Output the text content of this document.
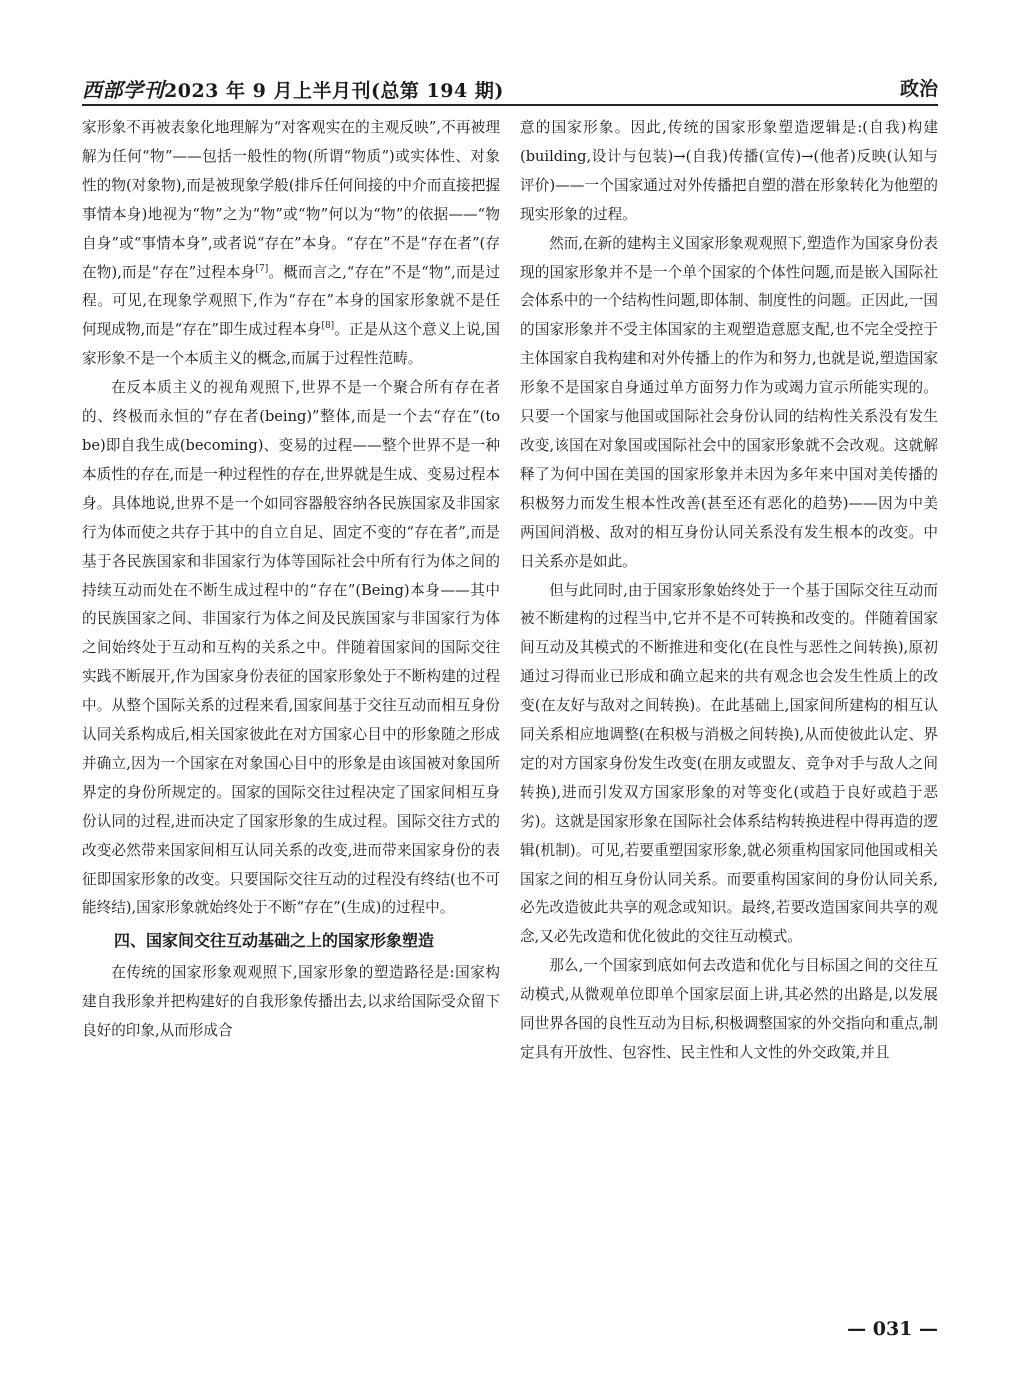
西部学刊2023 年 9 月上半月刊(总第 194 期)	政治

家形象不再被表象化地理解为“对客观实在的主观反映”,不再被理解为任何“物”——包括一般性的物(所谓“物质”)或实体性、对象性的物(对象物),而是被现象学般(排斥任何间接的中介而直接把握事情本身)地视为“物”之为“物”或“物”何以为“物”的依据——“物自身”或“事情本身”,或者说“存在”本身。“存在”不是“存在者”(存在物),而是“存在”过程本身[7]。概而言之,“存在”不是“物”,而是过程。可见,在现象学观照下,作为“存在”本身的国家形象就不是任何现成物,而是“存在”即生成过程本身[8]。正是从这个意义上说,国家形象不是一个本质主义的概念,而属于过程性范畴。

在反本质主义的视角观照下,世界不是一个聚合所有存在者的、终极而永恒的“存在者(being)”整体,而是一个去“存在”(to be)即自我生成(becoming)、变易的过程——整个世界不是一种本质性的存在,而是一种过程性的存在,世界就是生成、变易过程本身。具体地说,世界不是一个如同容器般容纳各民族国家及非国家行为体而使之共存于其中的自立自足、固定不变的“存在者”,而是基于各民族国家和非国家行为体等国际社会中所有行为体之间的持续互动而处在不断生成过程中的“存在”(Being)本身——其中的民族国家之间、非国家行为体之间及民族国家与非国家行为体之间始终处于互动和互构的关系之中。伴随着国家间的国际交往实践不断展开,作为国家身份表征的国家形象处于不断构建的过程中。从整个国际关系的过程来看,国家间基于交往互动而相互身份认同关系构成后,相关国家彼此在对方国家心目中的形象随之形成并确立,因为一个国家在对象国心目中的形象是由该国被对象国所界定的身份所规定的。国家的国际交往过程决定了国家间相互身份认同的过程,进而决定了国家形象的生成过程。国际交往方式的改变必然带来国家间相互认同关系的改变,进而带来国家身份的表征即国家形象的改变。只要国际交往互动的过程没有终结(也不可能终结),国家形象就始终处于不断“存在”(生成)的过程中。

四、国家间交往互动基础之上的国家形象塑造

在传统的国家形象观观照下,国家形象的塑造路径是:国家构建自我形象并把构建好的自我形象传播出去,以求给国际受众留下良好的印象,从而形成合

意的国家形象。因此,传统的国家形象塑造逻辑是:(自我)构建(building,设计与包装)→(自我)传播(宣传)→(他者)反映(认知与评价)——一个国家通过对外传播把自塑的潜在形象转化为他塑的现实形象的过程。

然而,在新的建构主义国家形象观观照下,塑造作为国家身份表现的国家形象并不是一个单个国家的个体性问题,而是嵌入国际社会体系中的一个结构性问题,即体制、制度性的问题。正因此,一国的国家形象并不受主体国家的主观塑造意愿支配,也不完全受控于主体国家自我构建和对外传播上的作为和努力,也就是说,塑造国家形象不是国家自身通过单方面努力作为或竭力宣示所能实现的。只要一个国家与他国或国际社会身份认同的结构性关系没有发生改变,该国在对象国或国际社会中的国家形象就不会改观。这就解释了为何中国在美国的国家形象并未因为多年来中国对美传播的积极努力而发生根本性改善(甚至还有恶化的趋势)——因为中美两国间消极、敌对的相互身份认同关系没有发生根本的改变。中日关系亦是如此。

但与此同时,由于国家形象始终处于一个基于国际交往互动而被不断建构的过程当中,它并不是不可转换和改变的。伴随着国家间互动及其模式的不断推进和变化(在良性与恶性之间转换),原初通过习得而业已形成和确立起来的共有观念也会发生性质上的改变(在友好与敌对之间转换)。在此基础上,国家间所建构的相互认同关系相应地调整(在积极与消极之间转换),从而使彼此认定、界定的对方国家身份发生改变(在朋友或盟友、竞争对手与敌人之间转换),进而引发双方国家形象的对等变化(或趋于良好或趋于恶劣)。这就是国家形象在国际社会体系结构转换进程中得再造的逻辑(机制)。可见,若要重塑国家形象,就必须重构国家同他国或相关国家之间的相互身份认同关系。而要重构国家间的身份认同关系,必先改造彼此共享的观念或知识。最终,若要改造国家间共享的观念,又必先改造和优化彼此的交往互动模式。

那么,一个国家到底如何去改造和优化与目标国之间的交往互动模式,从微观单位即单个国家层面上讲,其必然的出路是,以发展同世界各国的良性互动为目标,积极调整国家的外交指向和重点,制定具有开放性、包容性、民主性和人文性的外交政策,并且

— 031 —
